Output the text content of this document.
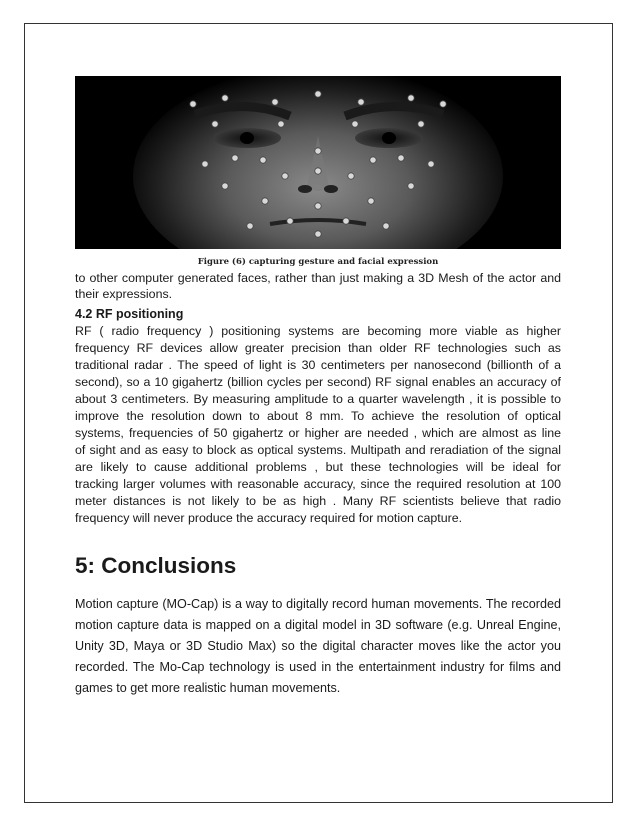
Figure (6) capturing gesture and facial expression
to other computer generated faces, rather than just making a 3D Mesh of the actor and
their expressions.
4.2 RF positioning
RF ( radio frequency ) positioning systems are becoming more viable as higher
frequency RF devices allow greater precision than older RF technologies such as
traditional radar . The speed of light is 30 centimeters per nanosecond (billionth of a
second), so a 10 gigahertz (billion cycles per second) RF signal enables an accuracy of
about 3 centimeters. By measuring amplitude to a quarter wavelength , it is possible to
improve the resolution down to about 8 mm. To achieve the resolution of optical
systems, frequencies of 50 gigahertz or higher are needed , which are almost as line
of sight and as easy to block as optical systems. Multipath and reradiation of the signal
are likely to cause additional problems , but these technologies will be ideal for
tracking larger volumes with reasonable accuracy, since the required resolution at 100
meter distances is not likely to be as high . Many RF scientists believe that radio
frequency will never produce the accuracy required for motion capture.
5: Conclusions
Motion capture (MO-Cap) is a way to digitally record human movements. The recorded
motion capture data is mapped on a digital model in 3D software (e.g. Unreal Engine,
Unity 3D, Maya or 3D Studio Max) so the digital character moves like the actor you
recorded. The Mo-Cap technology is used in the entertainment industry for films and
games to get more realistic human movements.
